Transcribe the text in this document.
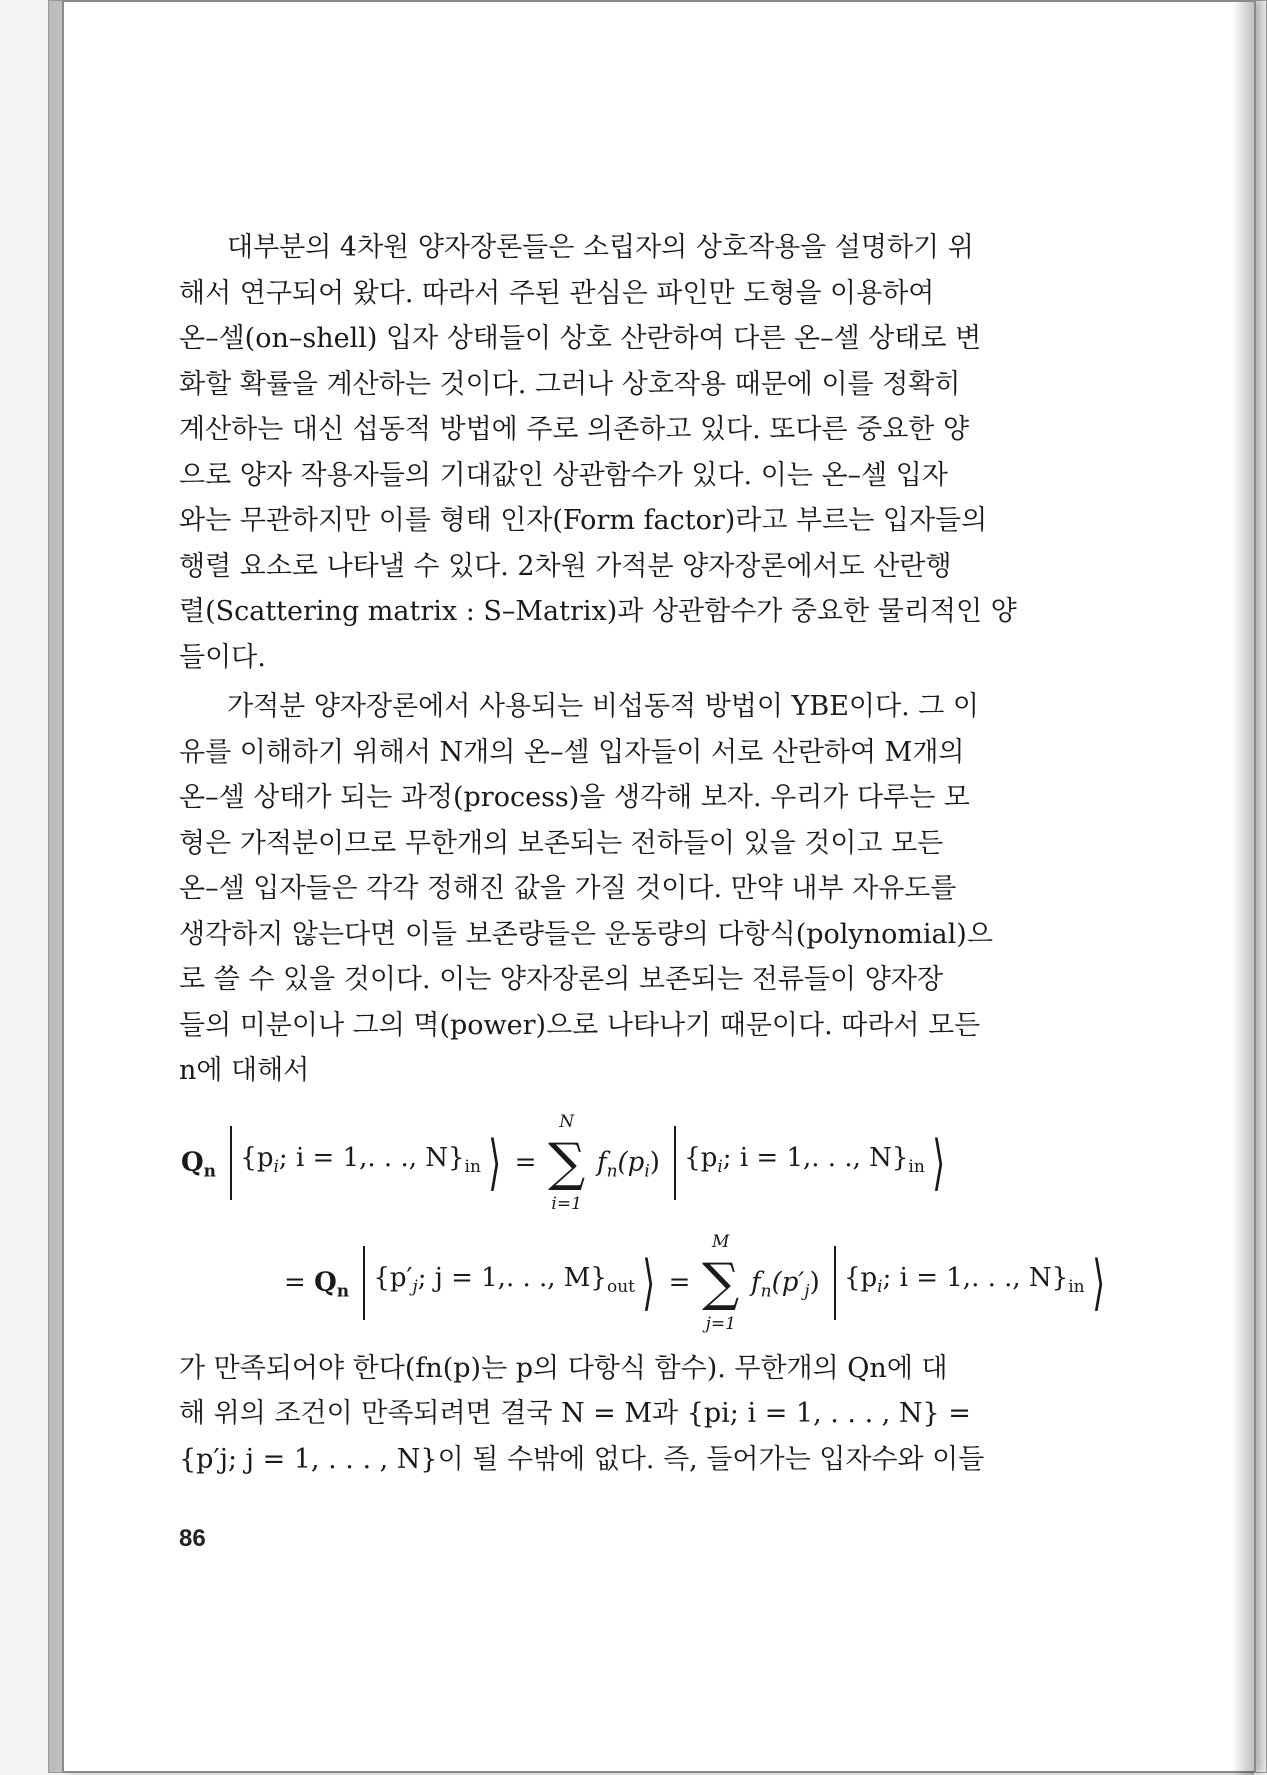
대부분의 4차원 양자장론들은 소립자의 상호작용을 설명하기 위

해서 연구되어 왔다. 따라서 주된 관심은 파인만 도형을 이용하여

온–셀(on–shell) 입자 상태들이 상호 산란하여 다른 온–셀 상태로 변

화할 확률을 계산하는 것이다. 그러나 상호작용 때문에 이를 정확히

계산하는 대신 섭동적 방법에 주로 의존하고 있다. 또다른 중요한 양

으로 양자 작용자들의 기대값인 상관함수가 있다. 이는 온–셀 입자

와는 무관하지만 이를 형태 인자(Form factor)라고 부르는 입자들의

행렬 요소로 나타낼 수 있다. 2차원 가적분 양자장론에서도 산란행

렬(Scattering matrix : S–Matrix)과 상관함수가 중요한 물리적인 양

들이다.

가적분 양자장론에서 사용되는 비섭동적 방법이 YBE이다. 그 이

유를 이해하기 위해서 N개의 온–셀 입자들이 서로 산란하여 M개의

온–셀 상태가 되는 과정(process)을 생각해 보자. 우리가 다루는 모

형은 가적분이므로 무한개의 보존되는 전하들이 있을 것이고 모든

온–셀 입자들은 각각 정해진 값을 가질 것이다. 만약 내부 자유도를

생각하지 않는다면 이들 보존량들은 운동량의 다항식(polynomial)으

로 쓸 수 있을 것이다. 이는 양자장론의 보존되는 전류들이 양자장

들의 미분이나 그의 멱(power)으로 나타나기 때문이다. 따라서 모든

n에 대해서

$Q_n$ {$p_i$; i = 1,. . ., $N\}_{in}$ ⟩ = ∑
N
i=1
$f_n(p_i)$ {$p_i$; i = 1,. . ., $N\}_{in}$ ⟩
= $Q_n$ {$p'_j$; j = 1,. . ., $M\}_{out}$ ⟩ = ∑
M
j=1
$f_n(p'_j)$ {$p_i$; i = 1,. . ., $N\}_{in}$ ⟩

가 만족되어야 한다(fn(p)는 p의 다항식 함수). 무한개의 Qn에 대

해 위의 조건이 만족되려면 결국 N = M과 {pi; i = 1, . . . , N} =

{p′j; j = 1, . . . , N}이 될 수밖에 없다. 즉, 들어가는 입자수와 이들

86
